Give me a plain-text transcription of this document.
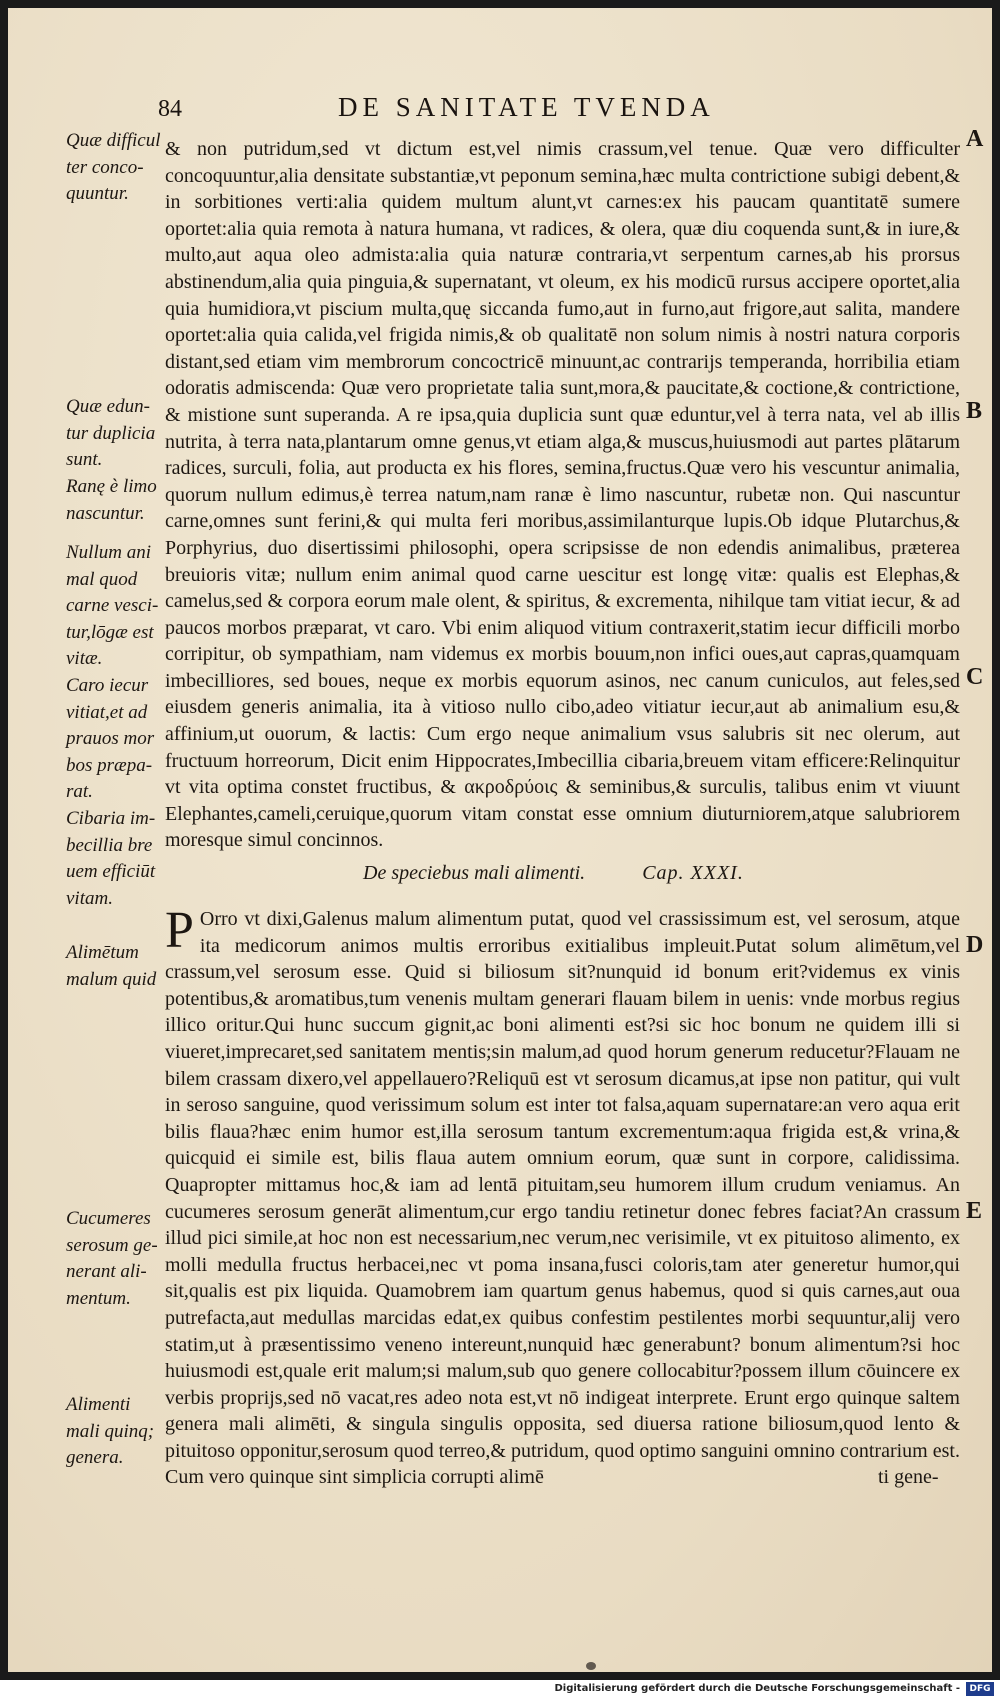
84	DE SANITATE TVENDA
A
B
C
D
E
Quæ difficul
ter conco-
quuntur.
Quæ edun-
tur duplicia
sunt.
Ranę è limo
nascuntur.
Nullum ani
mal quod
carne vesci-
tur,lōgæ est
vitæ.
Caro iecur
vitiat,et ad
prauos mor
bos præpa-
rat.
Cibaria im-
becillia bre
uem efficiūt
vitam.
Alimētum
malum quid
Cucumeres
serosum ge-
nerant ali-
mentum.
Alimenti
mali quinq;
genera.

& non putridum,sed vt dictum est,vel nimis crassum,vel tenue. Quæ vero difficulter concoquuntur,alia densitate substantiæ,vt peponum semina,hæc multa contrictione subigi debent,& in sorbitiones verti:alia quidem multum alunt,vt carnes:ex his paucam quantitatē sumere oportet:alia quia remota à natura humana, vt radices, & olera, quæ diu coquenda sunt,& in iure,& multo,aut aqua oleo admista:alia quia naturæ contraria,vt serpentum carnes,ab his prorsus abstinendum,alia quia pinguia,& supernatant, vt oleum, ex his modicū rursus accipere oportet,alia quia humidiora,vt piscium multa,quę siccanda fumo,aut in furno,aut frigore,aut salita, mandere oportet:alia quia calida,vel frigida nimis,& ob qualitatē non solum nimis à nostri natura corporis distant,sed etiam vim membrorum concoctricē minuunt,ac contrarijs temperanda, horribilia etiam odoratis admiscenda: Quæ vero proprietate talia sunt,mora,& paucitate,& coctione,& contrictione, & mistione sunt superanda. A re ipsa,quia duplicia sunt quæ eduntur,vel à terra nata, vel ab illis nutrita, à terra nata,plantarum omne genus,vt etiam alga,& muscus,huiusmodi aut partes plātarum radices, surculi, folia, aut producta ex his flores, semina,fructus.Quæ vero his vescuntur animalia, quorum nullum edimus,è terrea natum,nam ranæ è limo nascuntur, rubetæ non. Qui nascuntur carne,omnes sunt ferini,& qui multa feri moribus,assimilanturque lupis.Ob idque Plutarchus,& Porphyrius, duo disertissimi philosophi, opera scripsisse de non edendis animalibus, præterea breuioris vitæ; nullum enim animal quod carne uescitur est longę vitæ: qualis est Elephas,& camelus,sed & corpora eorum male olent, & spiritus, & excrementa, nihilque tam vitiat iecur, & ad paucos morbos præparat, vt caro. Vbi enim aliquod vitium contraxerit,statim iecur difficili morbo corripitur, ob sympathiam, nam videmus ex morbis bouum,non infici oues,aut capras,quamquam imbecilliores, sed boues, neque ex morbis equorum asinos, nec canum cuniculos, aut feles,sed eiusdem generis animalia, ita à vitioso nullo cibo,adeo vitiatur iecur,aut ab animalium esu,& affinium,ut ouorum, & lactis: Cum ergo neque animalium vsus salubris sit nec olerum, aut fructuum horreorum, Dicit enim Hippocrates,Imbecillia cibaria,breuem vitam efficere:Relinquitur vt vita optima constet fructibus, & ακροδρύοις & seminibus,& surculis, talibus enim vt viuunt Elephantes,cameli,ceruique,quorum vitam constat esse omnium diuturniorem,atque salubriorem moresque simul concinnos.

De speciebus mali alimenti.	Cap. XXXI.
P Orro vt dixi,Galenus malum alimentum putat, quod vel crassissimum est, vel serosum, atque ita medicorum animos multis erroribus exitialibus impleuit.Putat solum alimētum,vel crassum,vel serosum esse. Quid si biliosum sit?nunquid id bonum erit?videmus ex vinis potentibus,& aromatibus,tum venenis multam generari flauam bilem in uenis: vnde morbus regius illico oritur.Qui hunc succum gignit,ac boni alimenti est?si sic hoc bonum ne quidem illi si viueret,imprecaret,sed sanitatem mentis;sin malum,ad quod horum generum reducetur?Flauam ne bilem crassam dixero,vel appellauero?Reliquū est vt serosum dicamus,at ipse non patitur, qui vult in seroso sanguine, quod verissimum solum est inter tot falsa,aquam supernatare:an vero aqua erit bilis flaua?hæc enim humor est,illa serosum tantum excrementum:aqua frigida est,& vrina,& quicquid ei simile est, bilis flaua autem omnium eorum, quæ sunt in corpore, calidissima. Quapropter mittamus hoc,& iam ad lentā pituitam,seu humorem illum crudum veniamus. An cucumeres serosum generāt alimentum,cur ergo tandiu retinetur donec febres faciat?An crassum illud pici simile,at hoc non est necessarium,nec verum,nec verisimile, vt ex pituitoso alimento, ex molli medulla fructus herbacei,nec vt poma insana,fusci coloris,tam ater generetur humor,qui sit,qualis est pix liquida. Quamobrem iam quartum genus habemus, quod si quis carnes,aut oua putrefacta,aut medullas marcidas edat,ex quibus confestim pestilentes morbi sequuntur,alij vero statim,ut à præsentissimo veneno intereunt,nunquid hæc generabunt? bonum alimentum?si hoc huiusmodi est,quale erit malum;si malum,sub quo genere collocabitur?possem illum cōuincere ex verbis proprijs,sed nō vacat,res adeo nota est,vt nō indigeat interprete. Erunt ergo quinque saltem genera mali alimēti, & singula singulis opposita, sed diuersa ratione biliosum,quod lento & pituitoso opponitur,serosum quod terreo,& putridum, quod optimo sanguini omnino contrarium est. Cum vero quinque sint simplicia corrupti alimē	ti gene-
Digitalisierung gefördert durch die Deutsche Forschungsgemeinschaft -	DFG
